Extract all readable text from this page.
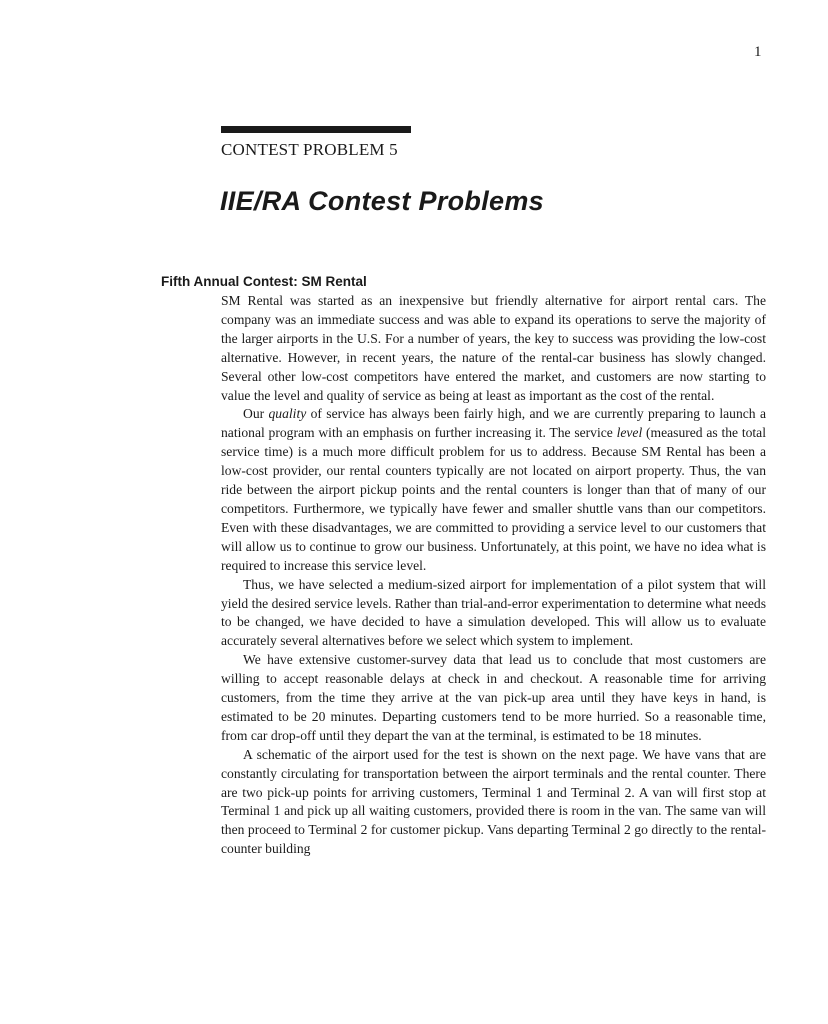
1
CONTEST PROBLEM 5
IIE/RA Contest Problems
Fifth Annual Contest: SM Rental

SM Rental was started as an inexpensive but friendly alternative for airport rental cars. The company was an immediate success and was able to expand its operations to serve the majority of the larger airports in the U.S. For a number of years, the key to success was providing the low-cost alternative. However, in recent years, the nature of the rental-car business has slowly changed. Several other low-cost competitors have entered the market, and customers are now starting to value the level and quality of service as being at least as important as the cost of the rental.

Our quality of service has always been fairly high, and we are currently preparing to launch a national program with an emphasis on further increasing it. The service level (measured as the total service time) is a much more difficult problem for us to address. Because SM Rental has been a low-cost provider, our rental counters typically are not located on airport property. Thus, the van ride between the airport pickup points and the rental counters is longer than that of many of our competitors. Furthermore, we typically have fewer and smaller shuttle vans than our competitors. Even with these disadvantages, we are committed to providing a service level to our customers that will allow us to continue to grow our business. Unfortunately, at this point, we have no idea what is required to increase this service level.

Thus, we have selected a medium-sized airport for implementation of a pilot system that will yield the desired service levels. Rather than trial-and-error experimentation to determine what needs to be changed, we have decided to have a simulation developed. This will allow us to evaluate accurately several alternatives before we select which system to implement.

We have extensive customer-survey data that lead us to conclude that most customers are willing to accept reasonable delays at check in and checkout. A reasonable time for arriving customers, from the time they arrive at the van pick-up area until they have keys in hand, is estimated to be 20 minutes. Departing customers tend to be more hurried. So a reasonable time, from car drop-off until they depart the van at the terminal, is estimated to be 18 minutes.

A schematic of the airport used for the test is shown on the next page. We have vans that are constantly circulating for transportation between the airport terminals and the rental counter. There are two pick-up points for arriving customers, Terminal 1 and Terminal 2. A van will first stop at Terminal 1 and pick up all waiting customers, provided there is room in the van. The same van will then proceed to Terminal 2 for customer pickup. Vans departing Terminal 2 go directly to the rental-counter building
